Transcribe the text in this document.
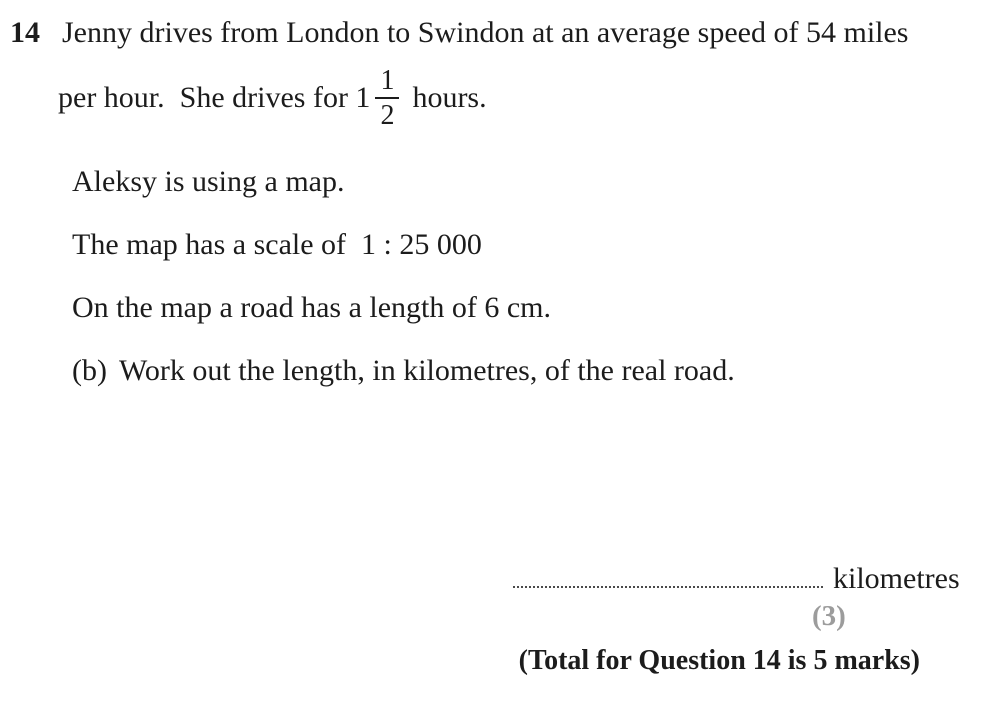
14 Jenny drives from London to Swindon at an average speed of 54 miles
per hour.  She drives for $1 \frac{1}{2}$ hours.
Aleksy is using a map.
The map has a scale of  1 : 25 000
On the map a road has a length of 6 cm.
(b) Work out the length, in kilometres, of the real road.
kilometres
(3)
(Total for Question 14 is 5 marks)
